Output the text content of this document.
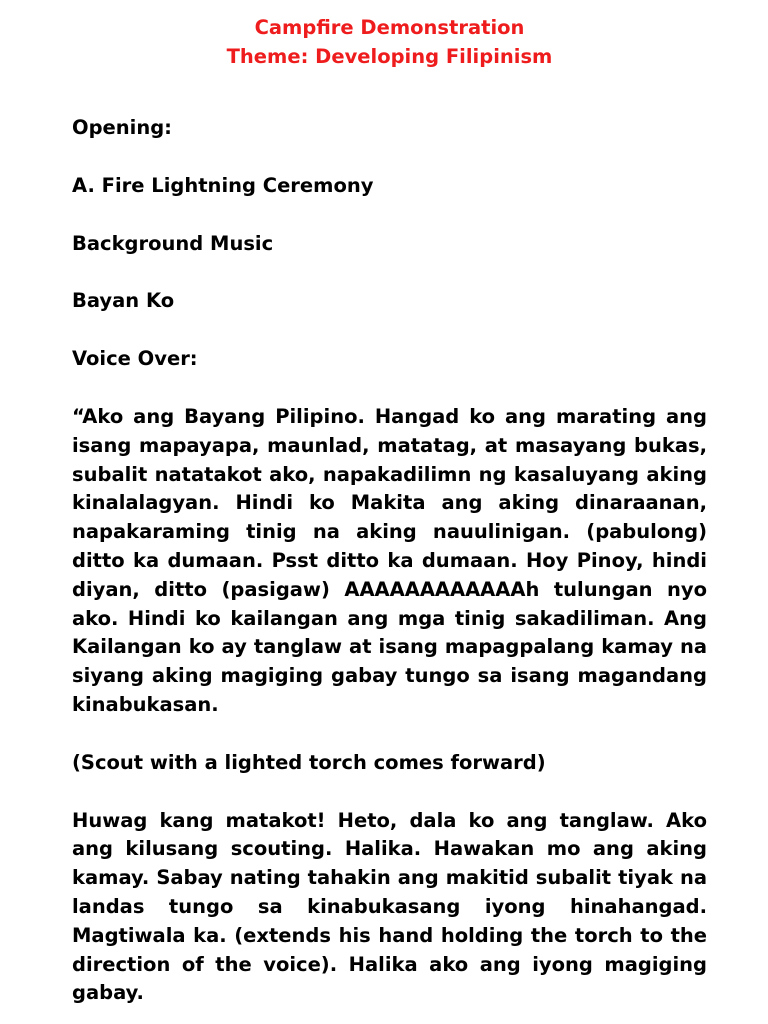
Campfire Demonstration

Theme: Developing Filipinism

Opening:

A. Fire Lightning Ceremony

Background Music

Bayan Ko

Voice Over:

“Ako ang Bayang Pilipino. Hangad ko ang marating ang isang mapayapa, maunlad, matatag, at masayang bukas, subalit natatakot ako, napakadilimn ng kasaluyang aking kinalalagyan. Hindi ko Makita ang aking dinaraanan, napakaraming tinig na aking nauulinigan. (pabulong) ditto ka dumaan. Psst ditto ka dumaan. Hoy Pinoy, hindi diyan, ditto (pasigaw) AAAAAAAAAAAAh tulungan nyo ako. Hindi ko kailangan ang mga tinig sakadiliman. Ang Kailangan ko ay tanglaw at isang mapagpalang kamay na siyang aking magiging gabay tungo sa isang magandang kinabukasan.

(Scout with a lighted torch comes forward)

Huwag kang matakot! Heto, dala ko ang tanglaw. Ako ang kilusang scouting. Halika. Hawakan mo ang aking kamay. Sabay nating tahakin ang makitid subalit tiyak na landas tungo sa kinabukasang iyong hinahangad. Magtiwala ka. (extends his hand holding the torch to the direction of the voice). Halika ako ang iyong magiging gabay.
